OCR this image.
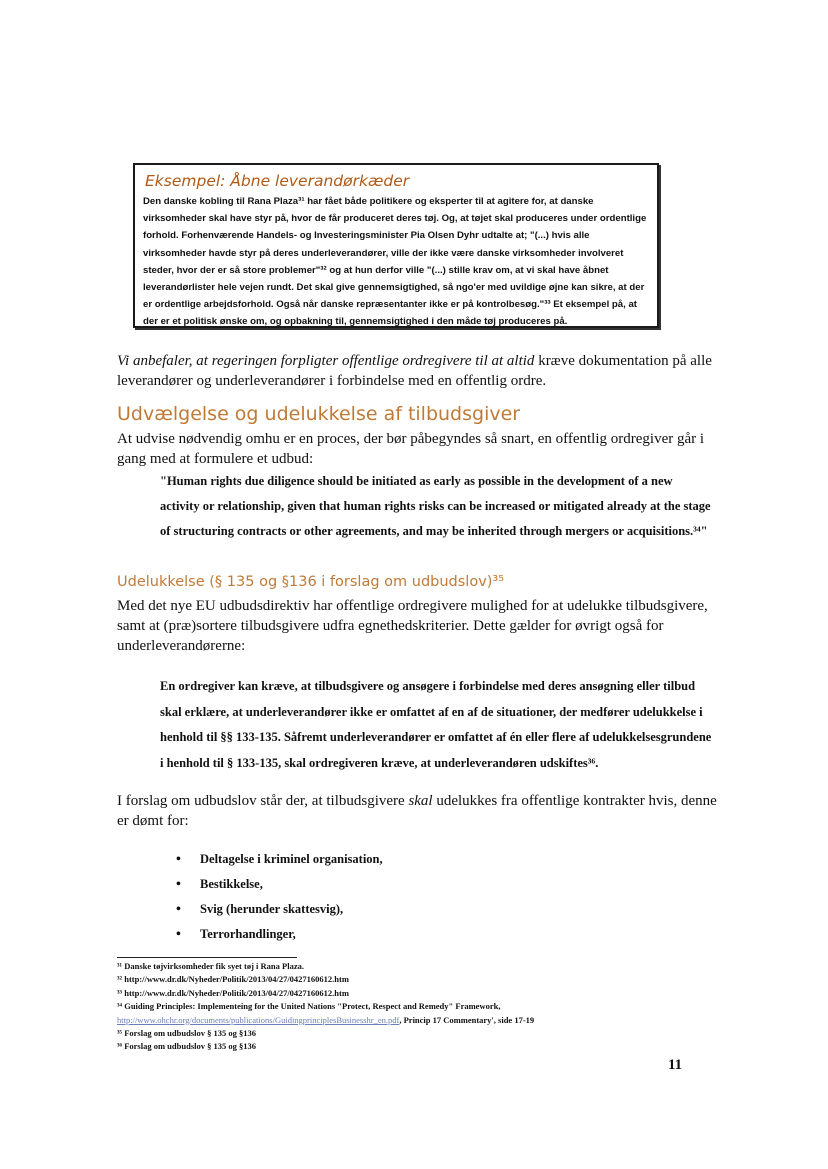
Eksempel: Åbne leverandørkæder

Den danske kobling til Rana Plaza³¹ har fået både politikere og eksperter til at agitere for, at danske
virksomheder skal have styr på, hvor de får produceret deres tøj. Og, at tøjet skal produceres under ordentlige
forhold. Forhenværende Handels- og Investeringsminister Pia Olsen Dyhr udtalte at; "(...) hvis alle
virksomheder havde styr på deres underleverandører, ville der ikke være danske virksomheder involveret
steder, hvor der er så store problemer"³² og at hun derfor ville "(...) stille krav om, at vi skal have åbnet
leverandørlister hele vejen rundt. Det skal give gennemsigtighed, så ngo'er med uvildige øjne kan sikre, at der
er ordentlige arbejdsforhold. Også når danske repræsentanter ikke er på kontrolbesøg."³³ Et eksempel på, at
der er et politisk ønske om, og opbakning til, gennemsigtighed i den måde tøj produceres på.

Vi anbefaler, at regeringen forpligter offentlige ordregivere til at altid kræve dokumentation på alle
leverandører og underleverandører i forbindelse med en offentlig ordre.
Udvælgelse og udelukkelse af tilbudsgiver
At udvise nødvendig omhu er en proces, der bør påbegyndes så snart, en offentlig ordregiver går i
gang med at formulere et udbud:
"Human rights due diligence should be initiated as early as possible in the development of a new
activity or relationship, given that human rights risks can be increased or mitigated already at the stage
of structuring contracts or other agreements, and may be inherited through mergers or acquisitions.³⁴"
Udelukkelse (§ 135 og §136 i forslag om udbudslov)³⁵
Med det nye EU udbudsdirektiv har offentlige ordregivere mulighed for at udelukke tilbudsgivere,
samt at (præ)sortere tilbudsgivere udfra egnethedskriterier. Dette gælder for øvrigt også for
underleverandørerne:
En ordregiver kan kræve, at tilbudsgivere og ansøgere i forbindelse med deres ansøgning eller tilbud
skal erklære, at underleverandører ikke er omfattet af en af de situationer, der medfører udelukkelse i
henhold til §§ 133-135. Såfremt underleverandører er omfattet af én eller flere af udelukkelsesgrundene
i henhold til § 133-135, skal ordregiveren kræve, at underleverandøren udskiftes³⁶.
I forslag om udbudslov står der, at tilbudsgivere skal udelukkes fra offentlige kontrakter hvis, denne
er dømt for:
• Deltagelse i kriminel organisation,
• Bestikkelse,
• Svig (herunder skattesvig),
• Terrorhandlinger,
³¹ Danske tøjvirksomheder fik syet tøj i Rana Plaza.
³² http://www.dr.dk/Nyheder/Politik/2013/04/27/0427160612.htm
³³ http://www.dr.dk/Nyheder/Politik/2013/04/27/0427160612.htm
³⁴ Guiding Principles: Implementeing for the United Nations "Protect, Respect and Remedy" Framework,
http://www.ohchr.org/documents/publications/GuidingprinciplesBusinesshr_en.pdf, Princip 17 Commentary', side 17-19
³⁵ Forslag om udbudslov § 135 og §136
³⁶ Forslag om udbudslov § 135 og §136
11
